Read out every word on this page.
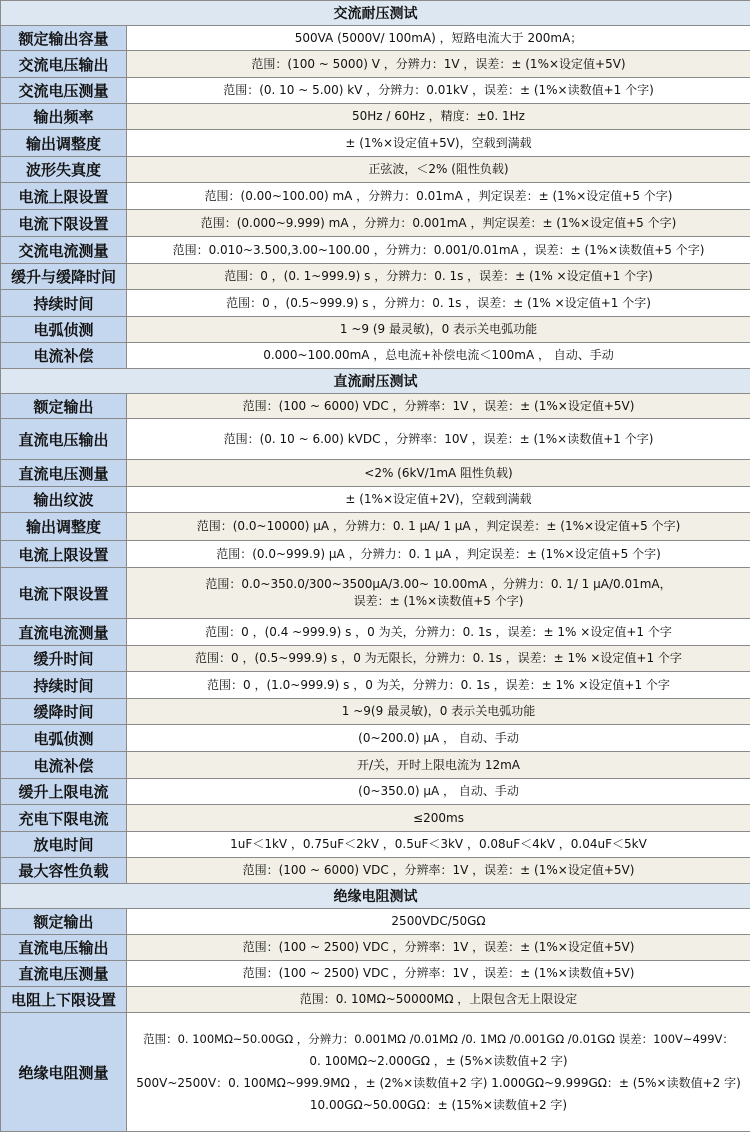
交流耐压测试	
额定输出容量	500VA (5000V/ 100mA) ，短路电流大于 200mA；

交流电压输出	范围：(100 ~ 5000) V ，分辨力：1V ，误差：± (1%×设定值+5V)

交流电压测量	范围：(0. 10 ~ 5.00) kV ，分辨力：0.01kV ，误差：± (1%×读数值+1 个字)

输出频率	50Hz / 60Hz ，精度：±0. 1Hz

输出调整度	± (1%×设定值+5V)，空载到满载

波形失真度	正弦波，＜2% (阻性负载)

电流上限设置	范围：(0.00~100.00) mA ，分辨力：0.01mA ，判定误差：± (1%×设定值+5 个字)

电流下限设置	范围：(0.000~9.999) mA ，分辨力：0.001mA ，判定误差：± (1%×设定值+5 个字)

交流电流测量	范围：0.010~3.500,3.00~100.00 ，分辨力：0.001/0.01mA ，误差：± (1%×读数值+5 个字)

缓升与缓降时间	范围：0 ，(0. 1~999.9) s ，分辨力：0. 1s ，误差：± (1% ×设定值+1 个字)

持续时间	范围：0 ，(0.5~999.9) s ，分辨力：0. 1s ，误差：± (1% ×设定值+1 个字)

电弧侦测	1 ~9 (9 最灵敏)，0 表示关电弧功能

电流补偿	0.000~100.00mA ，总电流+补偿电流＜100mA ， 自动、手动

直流耐压测试	
额定输出	范围：(100 ~ 6000) VDC ，分辨率：1V ，误差：± (1%×设定值+5V)

直流电压输出	范围：(0. 10 ~ 6.00) kVDC ，分辨率：10V ，误差：± (1%×读数值+1 个字)

直流电压测量	<2% (6kV/1mA 阻性负载)

输出纹波	± (1%×设定值+2V)，空载到满载

输出调整度	范围：(0.0~10000) μA ，分辨力：0. 1 μA/ 1 μA ，判定误差：± (1%×设定值+5 个字)

电流上限设置	范围：(0.0~999.9) μA ，分辨力：0. 1 μA ，判定误差：± (1%×设定值+5 个字)

电流下限设置	范围：0.0~350.0/300~3500μA/3.00~ 10.00mA ，分辨力：0. 1/ 1 μA/0.01mA，
误差：± (1%×读数值+5 个字)

直流电流测量	范围：0 ，(0.4 ~999.9) s ，0 为关，分辨力：0. 1s ，误差：± 1% ×设定值+1 个字

缓升时间	范围：0 ，(0.5~999.9) s ，0 为无限长，分辨力：0. 1s ，误差：± 1% ×设定值+1 个字

持续时间	范围：0 ，(1.0~999.9) s ，0 为关，分辨力：0. 1s ，误差：± 1% ×设定值+1 个字

缓降时间	1 ~9(9 最灵敏)，0 表示关电弧功能

电弧侦测	(0~200.0) μA ， 自动、手动

电流补偿	开/关，开时上限电流为 12mA

缓升上限电流	(0~350.0) μA ， 自动、手动

充电下限电流	≤200ms

放电时间	1uF＜1kV ，0.75uF＜2kV ，0.5uF＜3kV ，0.08uF＜4kV ，0.04uF＜5kV

最大容性负载	范围：(100 ~ 6000) VDC ，分辨率：1V ，误差：± (1%×设定值+5V)

绝缘电阻测试	
额定输出	2500VDC/50GΩ

直流电压输出	范围：(100 ~ 2500) VDC ，分辨率：1V ，误差：± (1%×设定值+5V)

直流电压测量	范围：(100 ~ 2500) VDC ，分辨率：1V ，误差：± (1%×读数值+5V)

电阻上下限设置	范围：0. 10MΩ~50000MΩ ，上限包含无上限设定

绝缘电阻测量	范围：0. 100MΩ~50.00GΩ ，分辨力：0.001MΩ /0.01MΩ /0. 1MΩ /0.001GΩ /0.01GΩ 误差：100V~499V：
0. 100MΩ~2.000GΩ ，± (5%×读数值+2 字)
500V~2500V：0. 100MΩ~999.9MΩ ，± (2%×读数值+2 字) 1.000GΩ~9.999GΩ：± (5%×读数值+2 字)
10.00GΩ~50.00GΩ：± (15%×读数值+2 字)
